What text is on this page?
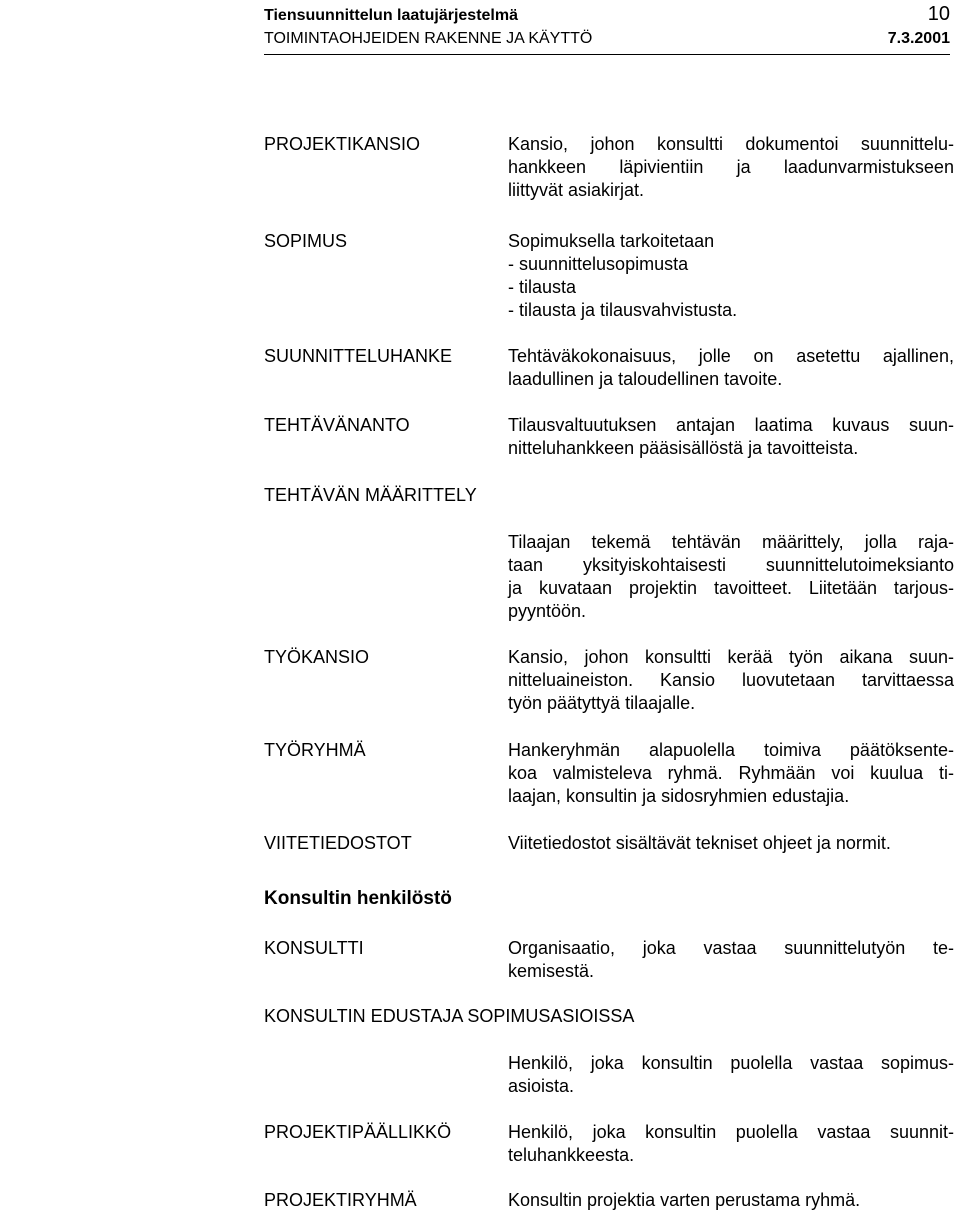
Tiensuunnittelun laatujärjestelmä	10
TOIMINTAOHJEIDEN RAKENNE JA KÄYTTÖ	7.3.2001
PROJEKTIKANSIO	Kansio, johon konsultti dokumentoi suunnittelu-
hankkeen läpivientiin ja laadunvarmistukseen
liittyvät asiakirjat.
SOPIMUS	Sopimuksella tarkoitetaan
- suunnittelusopimusta
- tilausta
- tilausta ja tilausvahvistusta.
SUUNNITTELUHANKE	Tehtäväkokonaisuus, jolle on asetettu ajallinen,
laadullinen ja taloudellinen tavoite.
TEHTÄVÄNANTO	Tilausvaltuutuksen antajan laatima kuvaus suun-
nitteluhankkeen pääsisällöstä ja tavoitteista.
TEHTÄVÄN MÄÄRITTELY
Tilaajan tekemä tehtävän määrittely, jolla raja-
taan yksityiskohtaisesti suunnittelutoimeksianto
ja kuvataan projektin tavoitteet. Liitetään tarjous-
pyyntöön.
TYÖKANSIO	Kansio, johon konsultti kerää työn aikana suun-
nitteluaineiston. Kansio luovutetaan tarvittaessa
työn päätyttyä tilaajalle.
TYÖRYHMÄ	Hankeryhmän alapuolella toimiva päätöksente-
koa valmisteleva ryhmä. Ryhmään voi kuulua ti-
laajan, konsultin ja sidosryhmien edustajia.
VIITETIEDOSTOT	Viitetiedostot sisältävät tekniset ohjeet ja normit.
Konsultin henkilöstö
KONSULTTI	Organisaatio, joka vastaa suunnittelutyön te-
kemisestä.
KONSULTIN EDUSTAJA SOPIMUSASIOISSA
Henkilö, joka konsultin puolella vastaa sopimus-
asioista.
PROJEKTIPÄÄLLIKKÖ	Henkilö, joka konsultin puolella vastaa suunnit-
teluhankkeesta.
PROJEKTIRYHMÄ	Konsultin projektia varten perustama ryhmä.
